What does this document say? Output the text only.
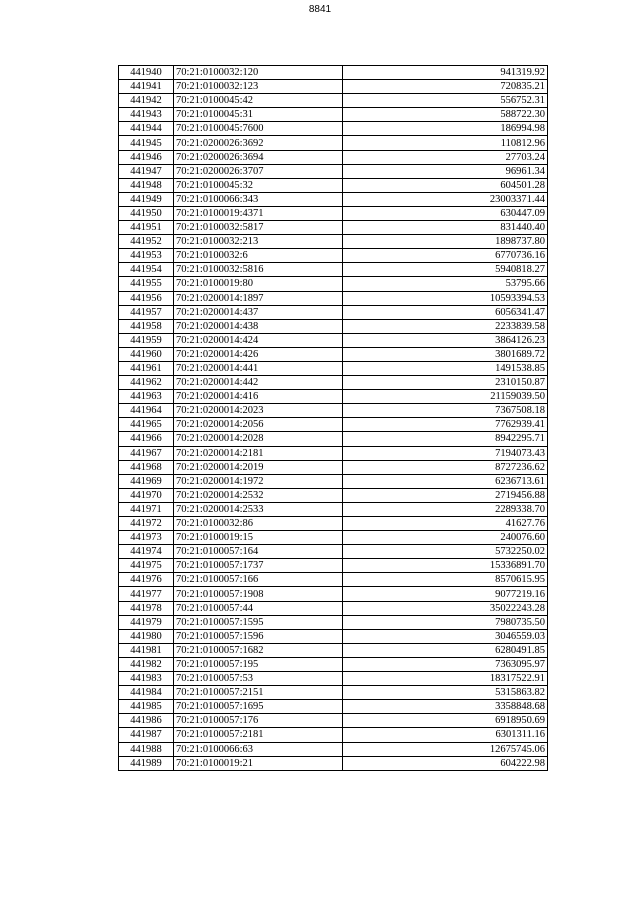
8841
441940	70:21:0100032:120	941319.92
441941	70:21:0100032:123	720835.21
441942	70:21:0100045:42	556752.31
441943	70:21:0100045:31	588722.30
441944	70:21:0100045:7600	186994.98
441945	70:21:0200026:3692	110812.96
441946	70:21:0200026:3694	27703.24
441947	70:21:0200026:3707	96961.34
441948	70:21:0100045:32	604501.28
441949	70:21:0100066:343	23003371.44
441950	70:21:0100019:4371	630447.09
441951	70:21:0100032:5817	831440.40
441952	70:21:0100032:213	1898737.80
441953	70:21:0100032:6	6770736.16
441954	70:21:0100032:5816	5940818.27
441955	70:21:0100019:80	53795.66
441956	70:21:0200014:1897	10593394.53
441957	70:21:0200014:437	6056341.47
441958	70:21:0200014:438	2233839.58
441959	70:21:0200014:424	3864126.23
441960	70:21:0200014:426	3801689.72
441961	70:21:0200014:441	1491538.85
441962	70:21:0200014:442	2310150.87
441963	70:21:0200014:416	21159039.50
441964	70:21:0200014:2023	7367508.18
441965	70:21:0200014:2056	7762939.41
441966	70:21:0200014:2028	8942295.71
441967	70:21:0200014:2181	7194073.43
441968	70:21:0200014:2019	8727236.62
441969	70:21:0200014:1972	6236713.61
441970	70:21:0200014:2532	2719456.88
441971	70:21:0200014:2533	2289338.70
441972	70:21:0100032:86	41627.76
441973	70:21:0100019:15	240076.60
441974	70:21:0100057:164	5732250.02
441975	70:21:0100057:1737	15336891.70
441976	70:21:0100057:166	8570615.95
441977	70:21:0100057:1908	9077219.16
441978	70:21:0100057:44	35022243.28
441979	70:21:0100057:1595	7980735.50
441980	70:21:0100057:1596	3046559.03
441981	70:21:0100057:1682	6280491.85
441982	70:21:0100057:195	7363095.97
441983	70:21:0100057:53	18317522.91
441984	70:21:0100057:2151	5315863.82
441985	70:21:0100057:1695	3358848.68
441986	70:21:0100057:176	6918950.69
441987	70:21:0100057:2181	6301311.16
441988	70:21:0100066:63	12675745.06
441989	70:21:0100019:21	604222.98
